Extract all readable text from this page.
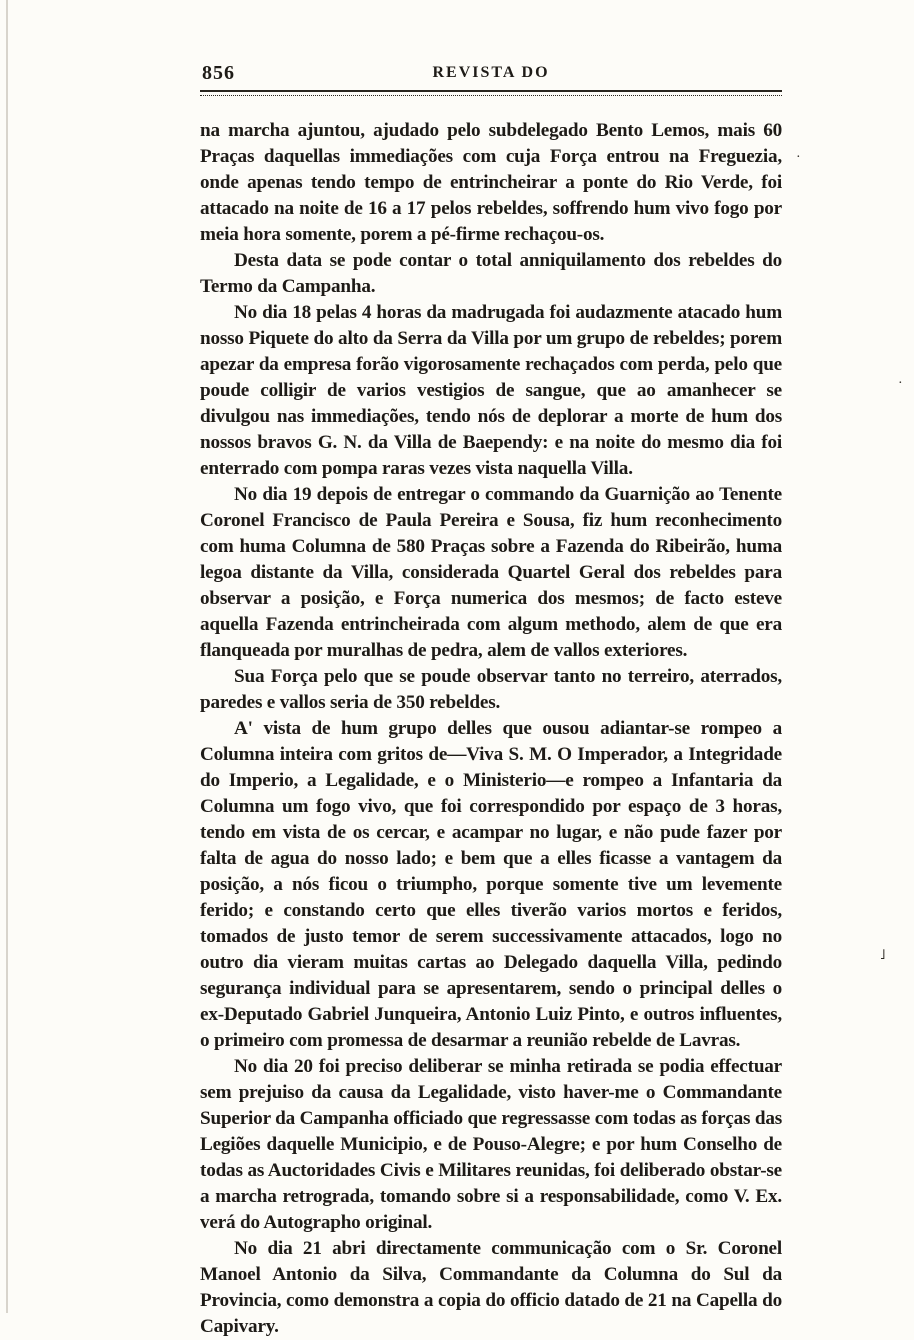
856	REVISTA DO

na marcha ajuntou, ajudado pelo subdelegado Bento Lemos, mais 60 Praças daquellas immediações com cuja Força entrou na Freguezia, onde apenas tendo tempo de entrincheirar a ponte do Rio Verde, foi attacado na noite de 16 a 17 pelos rebeldes, soffrendo hum vivo fogo por meia hora somente, porem a pé-firme rechaçou-os.

Desta data se pode contar o total anniquilamento dos rebeldes do Termo da Campanha.

No dia 18 pelas 4 horas da madrugada foi audazmente atacado hum nosso Piquete do alto da Serra da Villa por um grupo de rebeldes; porem apezar da empresa forão vigorosamente rechaçados com perda, pelo que poude colligir de varios vestigios de sangue, que ao amanhecer se divulgou nas immediações, tendo nós de deplorar a morte de hum dos nossos bravos G. N. da Villa de Baependy: e na noite do mesmo dia foi enterrado com pompa raras vezes vista naquella Villa.

No dia 19 depois de entregar o commando da Guarnição ao Tenente Coronel Francisco de Paula Pereira e Sousa, fiz hum reconhecimento com huma Columna de 580 Praças sobre a Fazenda do Ribeirão, huma legoa distante da Villa, considerada Quartel Geral dos rebeldes para observar a posição, e Força numerica dos mesmos; de facto esteve aquella Fazenda entrincheirada com algum methodo, alem de que era flanqueada por muralhas de pedra, alem de vallos exteriores.

Sua Força pelo que se poude observar tanto no terreiro, aterrados, paredes e vallos seria de 350 rebeldes.

A' vista de hum grupo delles que ousou adiantar-se rompeo a Columna inteira com gritos de—Viva S. M. O Imperador, a Integridade do Imperio, a Legalidade, e o Ministerio—e rompeo a Infantaria da Columna um fogo vivo, que foi correspondido por espaço de 3 horas, tendo em vista de os cercar, e acampar no lugar, e não pude fazer por falta de agua do nosso lado; e bem que a elles ficasse a vantagem da posição, a nós ficou o triumpho, porque somente tive um levemente ferido; e constando certo que elles tiverão varios mortos e feridos, tomados de justo temor de serem successivamente attacados, logo no outro dia vieram muitas cartas ao Delegado daquella Villa, pedindo segurança individual para se apresentarem, sendo o principal delles o ex-Deputado Gabriel Junqueira, Antonio Luiz Pinto, e outros influentes, o primeiro com promessa de desarmar a reunião rebelde de Lavras.

No dia 20 foi preciso deliberar se minha retirada se podia effectuar sem prejuiso da causa da Legalidade, visto haver-me o Commandante Superior da Campanha officiado que regressasse com todas as forças das Legiões daquelle Municipio, e de Pouso-Alegre; e por hum Conselho de todas as Auctoridades Civis e Militares reunidas, foi deliberado obstar-se a marcha retrograda, tomando sobre si a responsabilidade, como V. Ex. verá do Autographo original.

No dia 21 abri directamente communicação com o Sr. Coronel Manoel Antonio da Silva, Commandante da Columna do Sul da Provincia, como demonstra a copia do officio datado de 21 na Capella do Capivary.

·
·
˩
